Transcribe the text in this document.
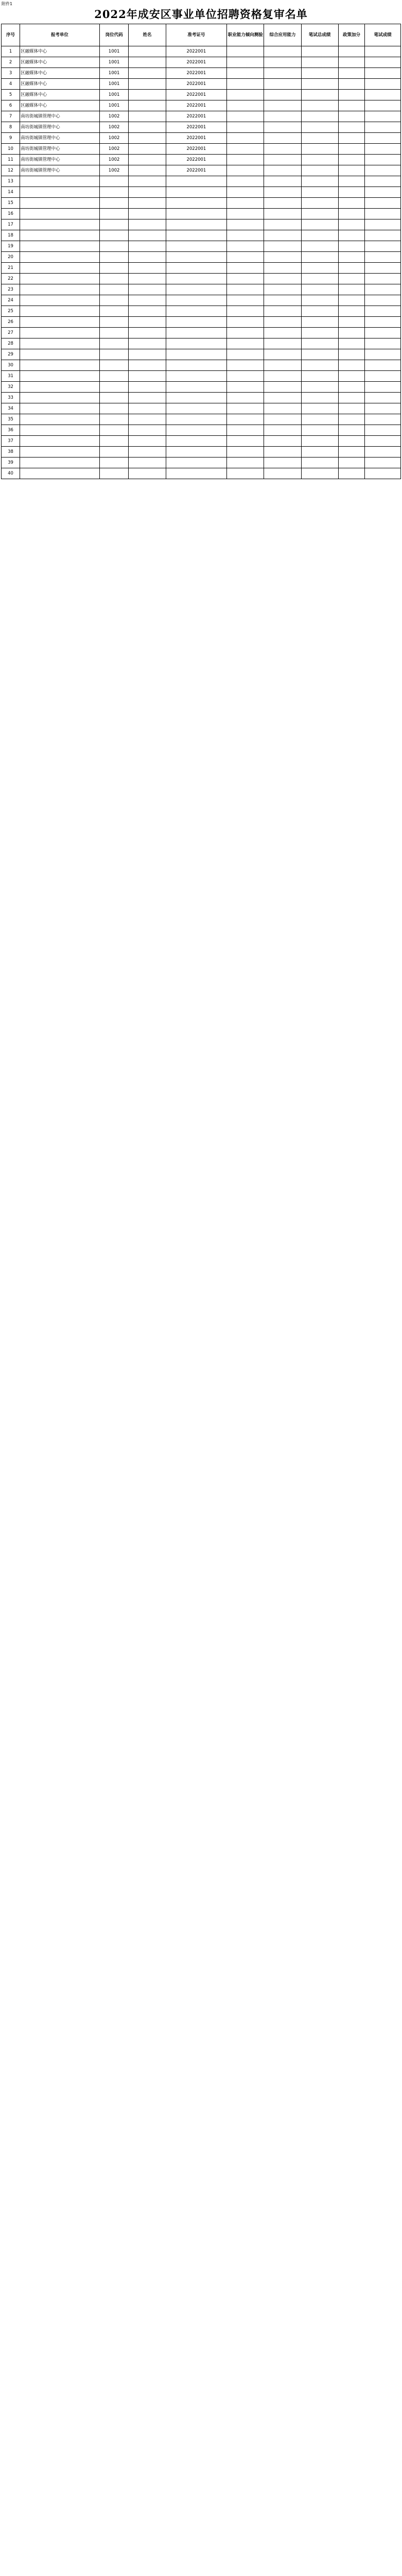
附件1
2022年成安区事业单位招聘资格复审名单
序号	报考单位	岗位代码	姓名	准考证号	职业能力倾向测验	综合应用能力	笔试总成绩	政策加分	笔试成绩
1	区融媒体中心	1001		2022001					
2	区融媒体中心	1001		2022001					
3	区融媒体中心	1001		2022001					
4	区融媒体中心	1001		2022001					
5	区融媒体中心	1001		2022001					
6	区融媒体中心	1001		2022001					
7	南坊街城镇管理中心	1002		2022001					
8	南坊街城镇管理中心	1002		2022001					
9	南坊街城镇管理中心	1002		2022001					
10	南坊街城镇管理中心	1002		2022001					
11	南坊街城镇管理中心	1002		2022001					
12	南坊街城镇管理中心	1002		2022001					
13									
14									
15									
16									
17									
18									
19									
20									
21									
22									
23									
24									
25									
26									
27									
28									
29									
30									
31									
32									
33									
34									
35									
36									
37									
38									
39									
40									
